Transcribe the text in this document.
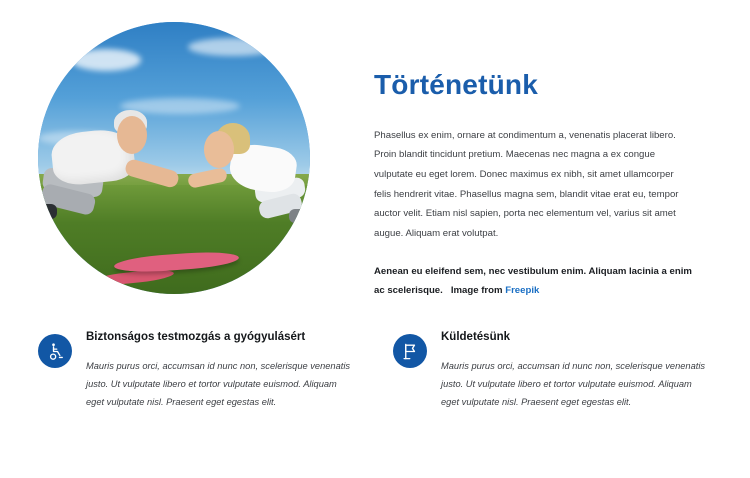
Történetünk

Phasellus ex enim, ornare at condimentum a, venenatis placerat libero. Proin blandit tincidunt pretium. Maecenas nec magna a ex congue vulputate eu eget lorem. Donec maximus ex nibh, sit amet ullamcorper felis hendrerit vitae. Phasellus magna sem, blandit vitae erat eu, tempor auctor velit. Etiam nisl sapien, porta nec elementum vel, varius sit amet augue. Aliquam erat volutpat.

Aenean eu eleifend sem, nec vestibulum enim. Aliquam lacinia a enim ac scelerisque. Image from Freepik

Biztonságos testmozgás a gyógyulásért
Mauris purus orci, accumsan id nunc non, scelerisque venenatis justo. Ut vulputate libero et tortor vulputate euismod. Aliquam eget vulputate nisl. Praesent eget egestas elit.
Küldetésünk
Mauris purus orci, accumsan id nunc non, scelerisque venenatis justo. Ut vulputate libero et tortor vulputate euismod. Aliquam eget vulputate nisl. Praesent eget egestas elit.
